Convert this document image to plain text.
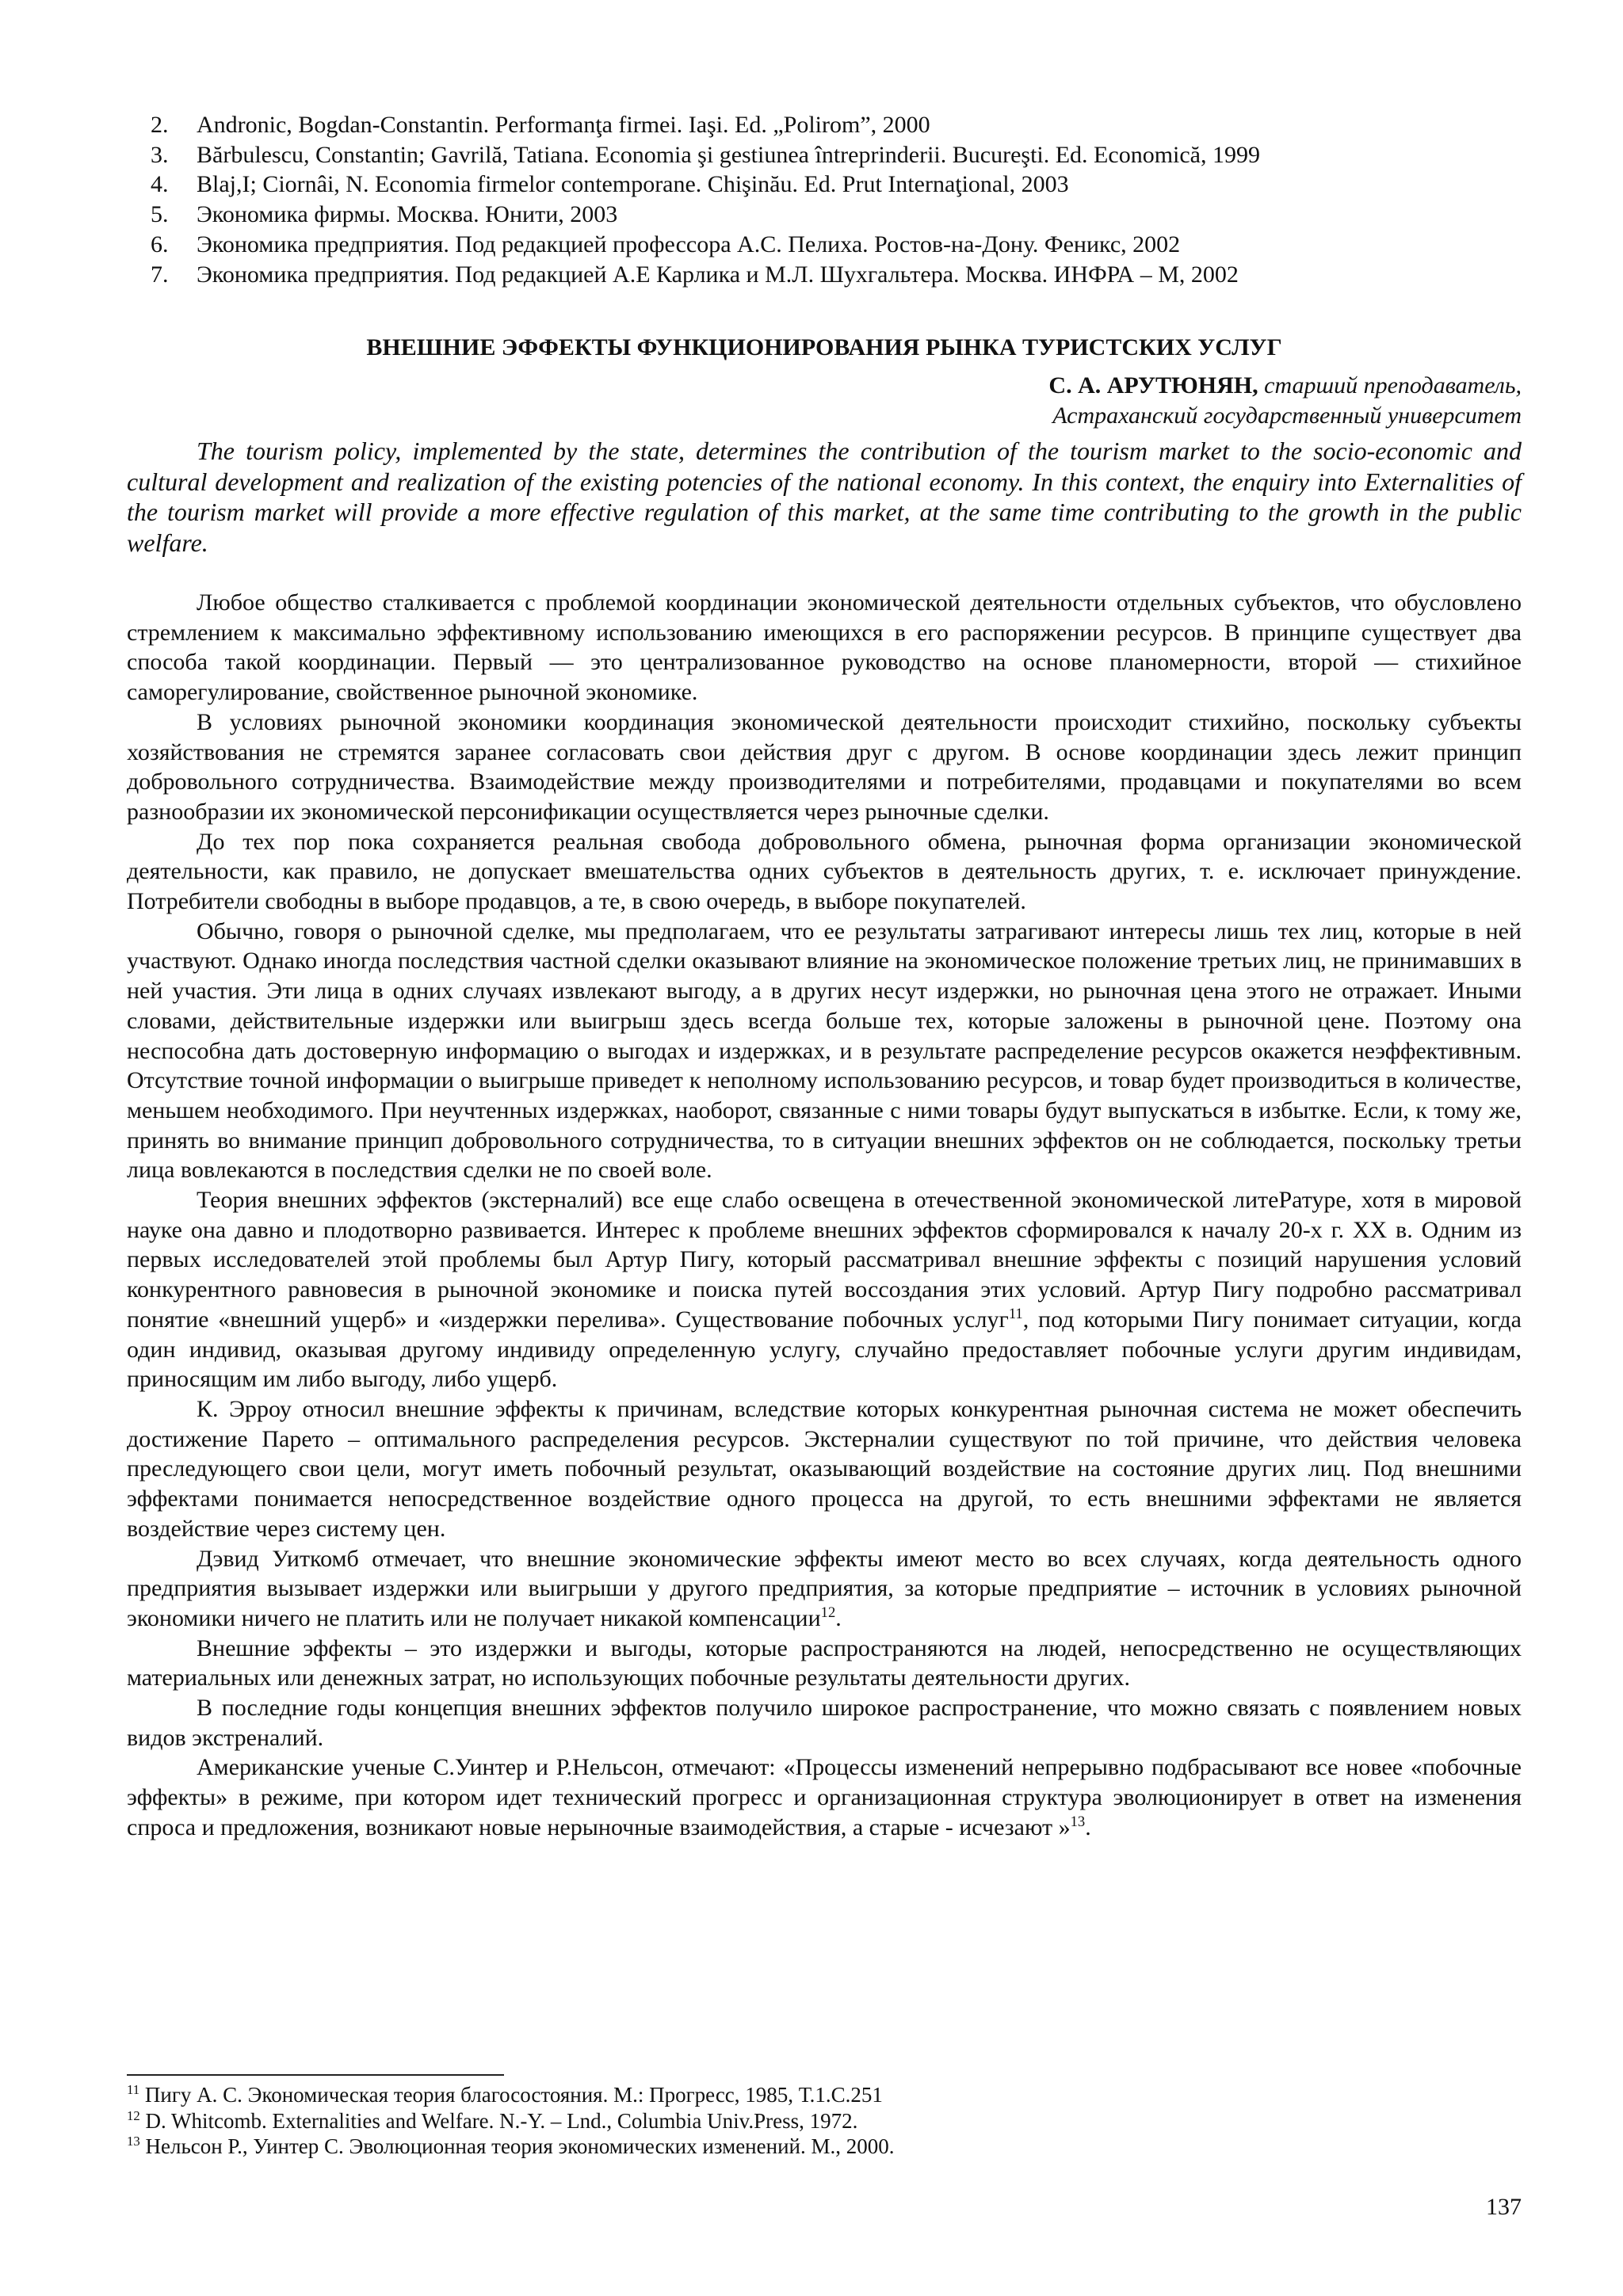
2. Andronic, Bogdan-Constantin. Performanţa firmei. Iaşi. Ed. „Polirom”, 2000
3. Bărbulescu, Constantin; Gavrilă, Tatiana. Economia şi gestiunea întreprinderii. Bucureşti. Ed. Economică, 1999
4. Blaj,I; Ciornâi, N. Economia firmelor contemporane. Chişinău. Ed. Prut Internaţional, 2003
5. Экономика фирмы. Москва. Юнити, 2003
6. Экономика предприятия. Под редакцией профессора А.С. Пелиха. Ростов-на-Дону. Феникс, 2002
7. Экономика предприятия. Под редакцией А.Е Карлика и М.Л. Шухгальтера. Москва. ИНФРА – М, 2002
ВНЕШНИЕ ЭФФЕКТЫ ФУНКЦИОНИРОВАНИЯ РЫНКА ТУРИСТСКИХ УСЛУГ
С. А. АРУТЮНЯН, старший преподаватель,
Астраханский государственный университет

The tourism policy, implemented by the state, determines the contribution of the tourism market to the socio-economic and cultural development and realization of the existing potencies of the national economy. In this context, the enquiry into Externalities of the tourism market will provide a more effective regulation of this market, at the same time contributing to the growth in the public welfare.

Любое общество сталкивается с проблемой координации экономической деятельности отдельных субъектов, что обусловлено стремлением к максимально эффективному использованию имеющихся в его распоряжении ресурсов. В принципе существует два способа такой координации. Первый — это централизованное руководство на основе планомерности, второй — стихийное саморегулирование, свойственное рыночной экономике.

В условиях рыночной экономики координация экономической деятельности происходит стихийно, поскольку субъекты хозяйствования не стремятся заранее согласовать свои действия друг с другом. В основе координации здесь лежит принцип добровольного сотрудничества. Взаимодействие между производителями и потребителями, продавцами и покупателями во всем разнообразии их экономической персонификации осуществляется через рыночные сделки.

До тех пор пока сохраняется реальная свобода добровольного обмена, рыночная форма организации экономической деятельности, как правило, не допускает вмешательства одних субъектов в деятельность других, т. е. исключает принуждение. Потребители свободны в выборе продавцов, а те, в свою очередь, в выборе покупателей.

Обычно, говоря о рыночной сделке, мы предполагаем, что ее результаты затрагивают интересы лишь тех лиц, которые в ней участвуют. Однако иногда последствия частной сделки оказывают влияние на экономическое положение третьих лиц, не принимавших в ней участия. Эти лица в одних случаях извлекают выгоду, а в других несут издержки, но рыночная цена этого не отражает. Иными словами, действительные издержки или выигрыш здесь всегда больше тех, которые заложены в рыночной цене. Поэтому она неспособна дать достоверную информацию о выгодах и издержках, и в результате распределение ресурсов окажется неэффективным. Отсутствие точной информации о выигрыше приведет к неполному использованию ресурсов, и товар будет производиться в количестве, меньшем необходимого. При неучтенных издержках, наоборот, связанные с ними товары будут выпускаться в избытке. Если, к тому же, принять во внимание принцип добровольного сотрудничества, то в ситуации внешних эффектов он не соблюдается, поскольку третьи лица вовлекаются в последствия сделки не по своей воле.

Теория внешних эффектов (экстерналий) все еще слабо освещена в отечественной экономической литеРатуре, хотя в мировой науке она давно и плодотворно развивается. Интерес к проблеме внешних эффектов сформировался к началу 20-х г. XX в. Одним из первых исследователей этой проблемы был Артур Пигу, который рассматривал внешние эффекты с позиций нарушения условий конкурентного равновесия в рыночной экономике и поиска путей воссоздания этих условий. Артур Пигу подробно рассматривал понятие «внешний ущерб» и «издержки перелива». Существование побочных услуг$^{11}$, под которыми Пигу понимает ситуации, когда один индивид, оказывая другому индивиду определенную услугу, случайно предоставляет побочные услуги другим индивидам, приносящим им либо выгоду, либо ущерб.

К. Эрроу относил внешние эффекты к причинам, вследствие которых конкурентная рыночная система не может обеспечить достижение Парето – оптимального распределения ресурсов. Экстерналии существуют по той причине, что действия человека преследующего свои цели, могут иметь побочный результат, оказывающий воздействие на состояние других лиц. Под внешними эффектами понимается непосредственное воздействие одного процесса на другой, то есть внешними эффектами не является воздействие через систему цен.

Дэвид Уиткомб отмечает, что внешние экономические эффекты имеют место во всех случаях, когда деятельность одного предприятия вызывает издержки или выигрыши у другого предприятия, за которые предприятие – источник в условиях рыночной экономики ничего не платить или не получает никакой компенсации$^{12}$.

Внешние эффекты – это издержки и выгоды, которые распространяются на людей, непосредственно не осуществляющих материальных или денежных затрат, но использующих побочные результаты деятельности других.

В последние годы концепция внешних эффектов получило широкое распространение, что можно связать с появлением новых видов экстреналий.

Американские ученые С.Уинтер и Р.Нельсон, отмечают: «Процессы изменений непрерывно подбрасывают все новее «побочные эффекты» в режиме, при котором идет технический прогресс и организационная структура эволюционирует в ответ на изменения спроса и предложения, возникают новые нерыночные взаимодействия, а старые - исчезают »$^{13}$.

$^{11}$ Пигу А. С. Экономическая теория благосостояния. М.: Прогресс, 1985, Т.1.С.251
$^{12}$ D. Whitcomb. Externalities and Welfare. N.-Y. – Lnd., Columbia Univ.Press, 1972.
$^{13}$ Нельсон Р., Уинтер С. Эволюционная теория экономических изменений. М., 2000.
137
